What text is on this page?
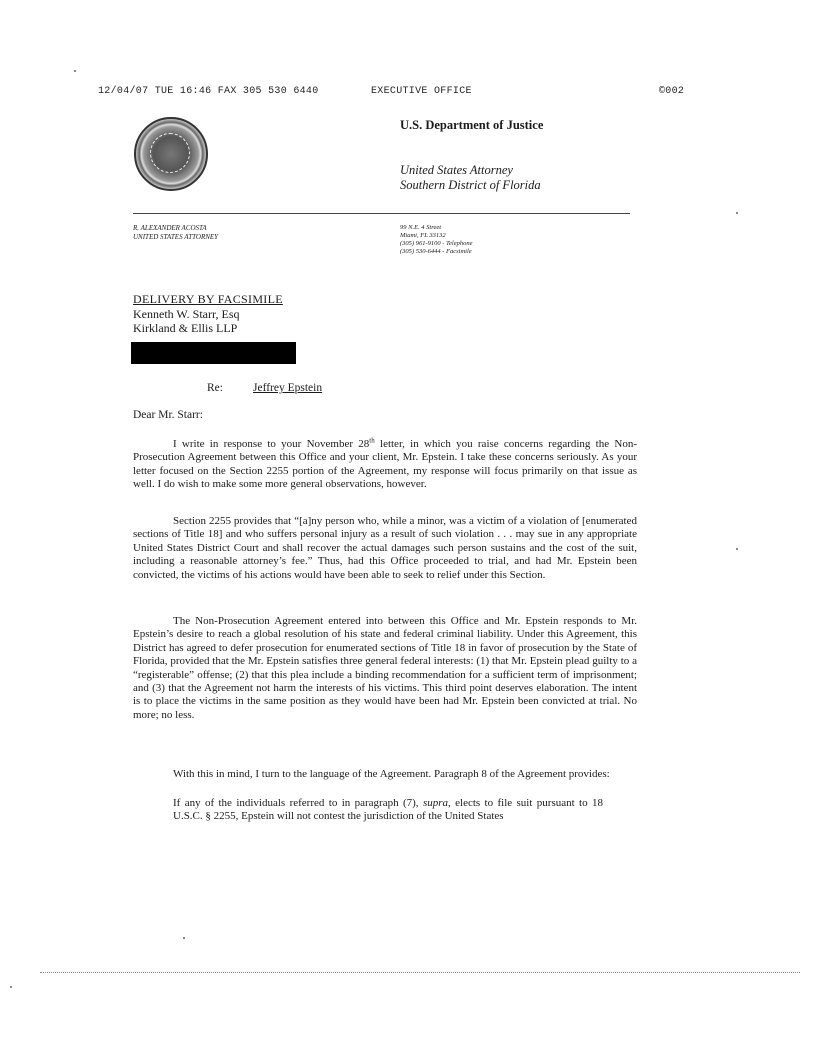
12/04/07 TUE 16:46 FAX 305 530 6440	EXECUTIVE OFFICE	©002
U.S. Department of Justice
United States Attorney
Southern District of Florida
R. ALEXANDER ACOSTA
UNITED STATES ATTORNEY
99 N.E. 4 Street
Miami, FL 33132
(305) 961-9100 - Telephone
(305) 530-6444 - Facsimile
DELIVERY BY FACSIMILE
Kenneth W. Starr, Esq
Kirkland & Ellis LLP
Re:	Jeffrey Epstein
Dear Mr. Starr:
I write in response to your November 28th letter, in which you raise concerns regarding the Non-Prosecution Agreement between this Office and your client, Mr. Epstein. I take these concerns seriously. As your letter focused on the Section 2255 portion of the Agreement, my response will focus primarily on that issue as well. I do wish to make some more general observations, however.
Section 2255 provides that “[a]ny person who, while a minor, was a victim of a violation of [enumerated sections of Title 18] and who suffers personal injury as a result of such violation . . . may sue in any appropriate United States District Court and shall recover the actual damages such person sustains and the cost of the suit, including a reasonable attorney’s fee.” Thus, had this Office proceeded to trial, and had Mr. Epstein been convicted, the victims of his actions would have been able to seek to relief under this Section.
The Non-Prosecution Agreement entered into between this Office and Mr. Epstein responds to Mr. Epstein’s desire to reach a global resolution of his state and federal criminal liability. Under this Agreement, this District has agreed to defer prosecution for enumerated sections of Title 18 in favor of prosecution by the State of Florida, provided that the Mr. Epstein satisfies three general federal interests: (1) that Mr. Epstein plead guilty to a “registerable” offense; (2) that this plea include a binding recommendation for a sufficient term of imprisonment; and (3) that the Agreement not harm the interests of his victims. This third point deserves elaboration. The intent is to place the victims in the same position as they would have been had Mr. Epstein been convicted at trial. No more; no less.
With this in mind, I turn to the language of the Agreement. Paragraph 8 of the Agreement provides:
If any of the individuals referred to in paragraph (7), supra, elects to file suit pursuant to 18 U.S.C. § 2255, Epstein will not contest the jurisdiction of the United States
